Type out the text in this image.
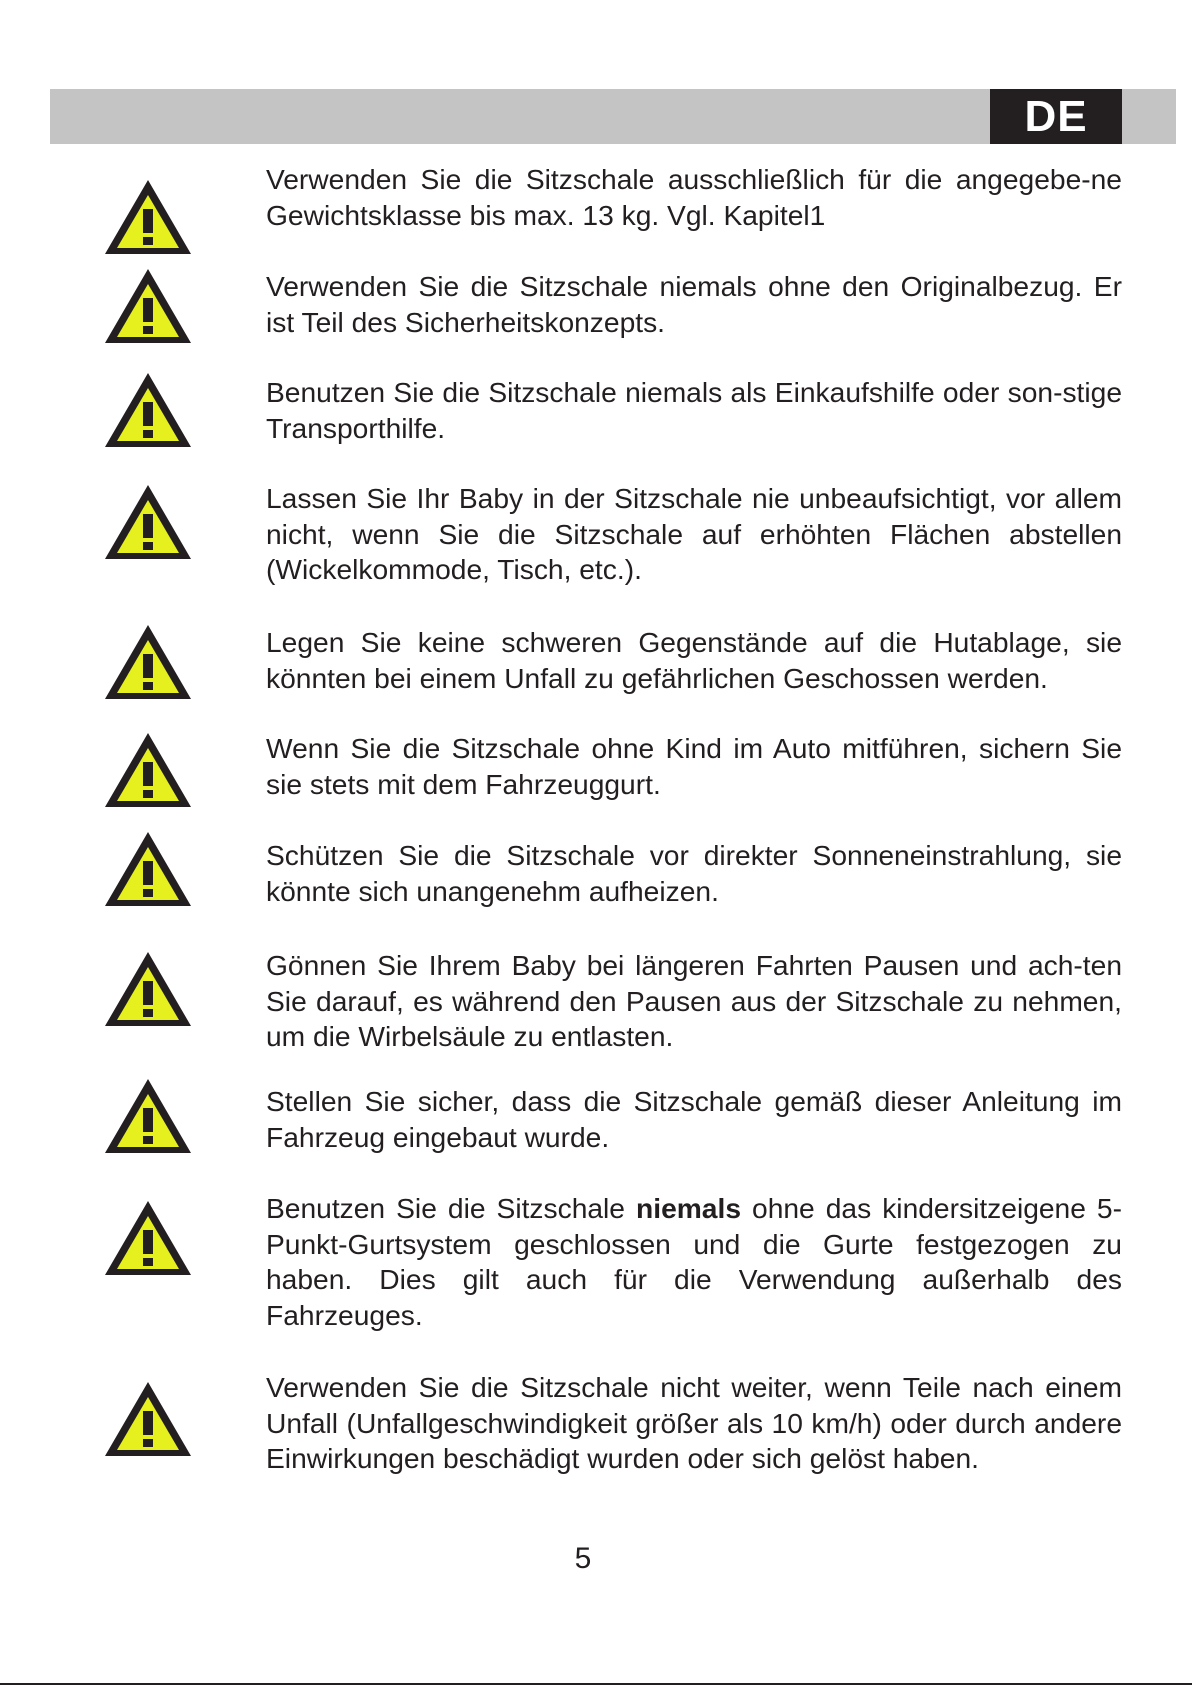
DE

Verwenden Sie die Sitzschale ausschließlich für die angegebe-ne Gewichtsklasse bis max. 13 kg. Vgl. Kapitel1

Verwenden Sie die Sitzschale niemals ohne den Originalbezug. Er ist Teil des Sicherheitskonzepts.

Benutzen Sie die Sitzschale niemals als Einkaufshilfe oder son-stige Transporthilfe.

Lassen Sie Ihr Baby in der Sitzschale nie unbeaufsichtigt, vor allem nicht, wenn Sie die Sitzschale auf erhöhten Flächen abstellen (Wickelkommode, Tisch, etc.).

Legen Sie keine schweren Gegenstände auf die Hutablage, sie könnten bei einem Unfall zu gefährlichen Geschossen werden.

Wenn Sie die Sitzschale ohne Kind im Auto mitführen, sichern Sie sie stets mit dem Fahrzeuggurt.

Schützen Sie die Sitzschale vor direkter Sonneneinstrahlung, sie könnte sich unangenehm aufheizen.

Gönnen Sie Ihrem Baby bei längeren Fahrten Pausen und ach-ten Sie darauf, es während den Pausen aus der Sitzschale zu nehmen, um die Wirbelsäule zu entlasten.

Stellen Sie sicher, dass die Sitzschale gemäß dieser Anleitung im Fahrzeug eingebaut wurde.

Benutzen Sie die Sitzschale niemals ohne das kindersitzeigene 5-Punkt-Gurtsystem geschlossen und die Gurte festgezogen zu haben. Dies gilt auch für die Verwendung außerhalb des Fahrzeuges.

Verwenden Sie die Sitzschale nicht weiter, wenn Teile nach einem Unfall (Unfallgeschwindigkeit größer als 10 km/h) oder durch andere Einwirkungen beschädigt wurden oder sich gelöst haben.

5
